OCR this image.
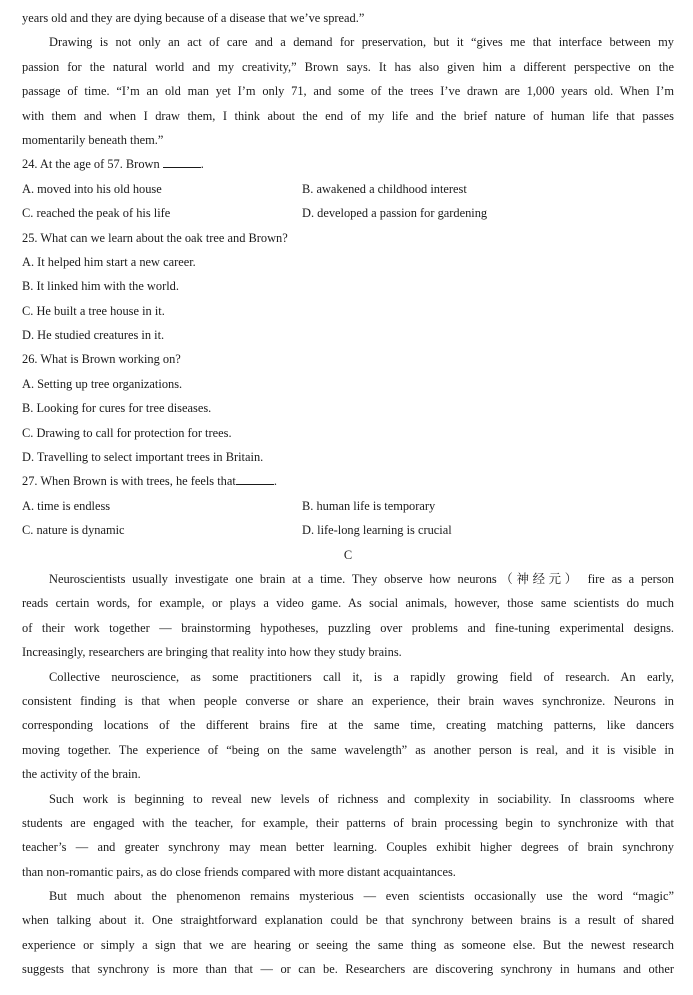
years old and they are dying because of a disease that we’ve spread.”
Drawing is not only an act of care and a demand for preservation, but it “gives me that interface between my
passion for the natural world and my creativity,” Brown says. It has also given him a different perspective on the
passage of time. “I’m an old man yet I’m only 71, and some of the trees I’ve drawn are 1,000 years old. When I’m
with them and when I draw them, I think about the end of my life and the brief nature of human life that passes
momentarily beneath them.”
24. At the age of 57. Brown	.
A. moved into his old house	B. awakened a childhood interest
C. reached the peak of his life	D. developed a passion for gardening
25. What can we learn about the oak tree and Brown?
A. It helped him start a new career.
B. It linked him with the world.
C. He built a tree house in it.
D. He studied creatures in it.
26. What is Brown working on?
A. Setting up tree organizations.
B. Looking for cures for tree diseases.
C. Drawing to call for protection for trees.
D. Travelling to select important trees in Britain.
27. When Brown is with trees, he feels that	.
A. time is endless	B. human life is temporary
C. nature is dynamic	D. life-long learning is crucial
C
Neuroscientists usually investigate one brain at a time. They observe how neurons（神经元） fire as a person
reads certain words, for example, or plays a video game. As social animals, however, those same scientists do much
of their work together — brainstorming hypotheses, puzzling over problems and fine-tuning experimental designs.
Increasingly, researchers are bringing that reality into how they study brains.
Collective neuroscience, as some practitioners call it, is a rapidly growing field of research. An early,
consistent finding is that when people converse or share an experience, their brain waves synchronize. Neurons in
corresponding locations of the different brains fire at the same time, creating matching patterns, like dancers
moving together. The experience of “being on the same wavelength” as another person is real, and it is visible in
the activity of the brain.
Such work is beginning to reveal new levels of richness and complexity in sociability. In classrooms where
students are engaged with the teacher, for example, their patterns of brain processing begin to synchronize with that
teacher’s — and greater synchrony may mean better learning. Couples exhibit higher degrees of brain synchrony
than non-romantic pairs, as do close friends compared with more distant acquaintances.
But much about the phenomenon remains mysterious — even scientists occasionally use the word “magic”
when talking about it. One straightforward explanation could be that synchrony between brains is a result of shared
experience or simply a sign that we are hearing or seeing the same thing as someone else. But the newest research
suggests that synchrony is more than that — or can be. Researchers are discovering synchrony in humans and other
